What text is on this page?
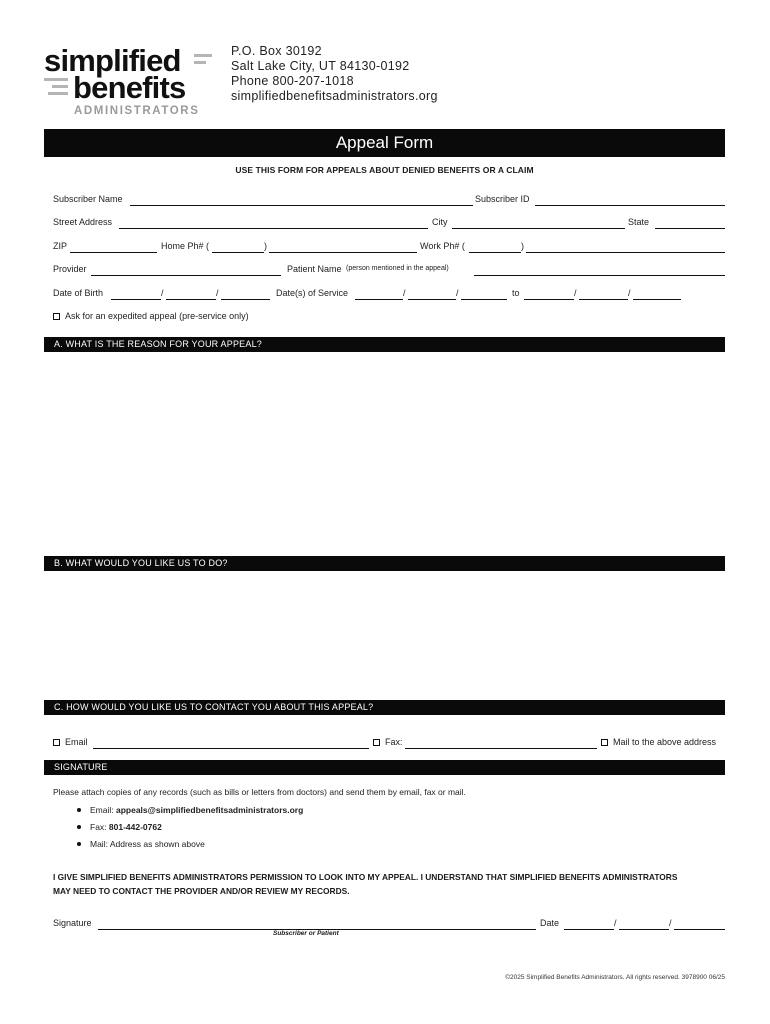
simplified
benefits
ADMINISTRATORS
P.O. Box 30192
Salt Lake City, UT 84130-0192
Phone 800-207-1018
simplifiedbenefitsadministrators.org
Appeal Form
USE THIS FORM FOR APPEALS ABOUT DENIED BENEFITS OR A CLAIM
Subscriber Name	Subscriber ID
Street Address	City	State
ZIP	Home Ph# (	)	Work Ph# (	)
Provider	Patient Name (person mentioned in the appeal)
Date of Birth	/	/	Date(s) of Service	/	/	to	/	/
Ask for an expedited appeal (pre-service only)
A. WHAT IS THE REASON FOR YOUR APPEAL?
B. WHAT WOULD YOU LIKE US TO DO?
C. HOW WOULD YOU LIKE US TO CONTACT YOU ABOUT THIS APPEAL?
Email	Fax:	Mail to the above address
SIGNATURE
Please attach copies of any records (such as bills or letters from doctors) and send them by email, fax or mail.
Email: appeals@simplifiedbenefitsadministrators.org
Fax: 801-442-0762
Mail: Address as shown above
I GIVE SIMPLIFIED BENEFITS ADMINISTRATORS PERMISSION TO LOOK INTO MY APPEAL. I UNDERSTAND THAT SIMPLIFIED BENEFITS ADMINISTRATORS
MAY NEED TO CONTACT THE PROVIDER AND/OR REVIEW MY RECORDS.
Signature	Date	/	/
Subscriber or Patient
©2025 Simplified Benefits Administrators. All rights reserved. 3978900 06/25
